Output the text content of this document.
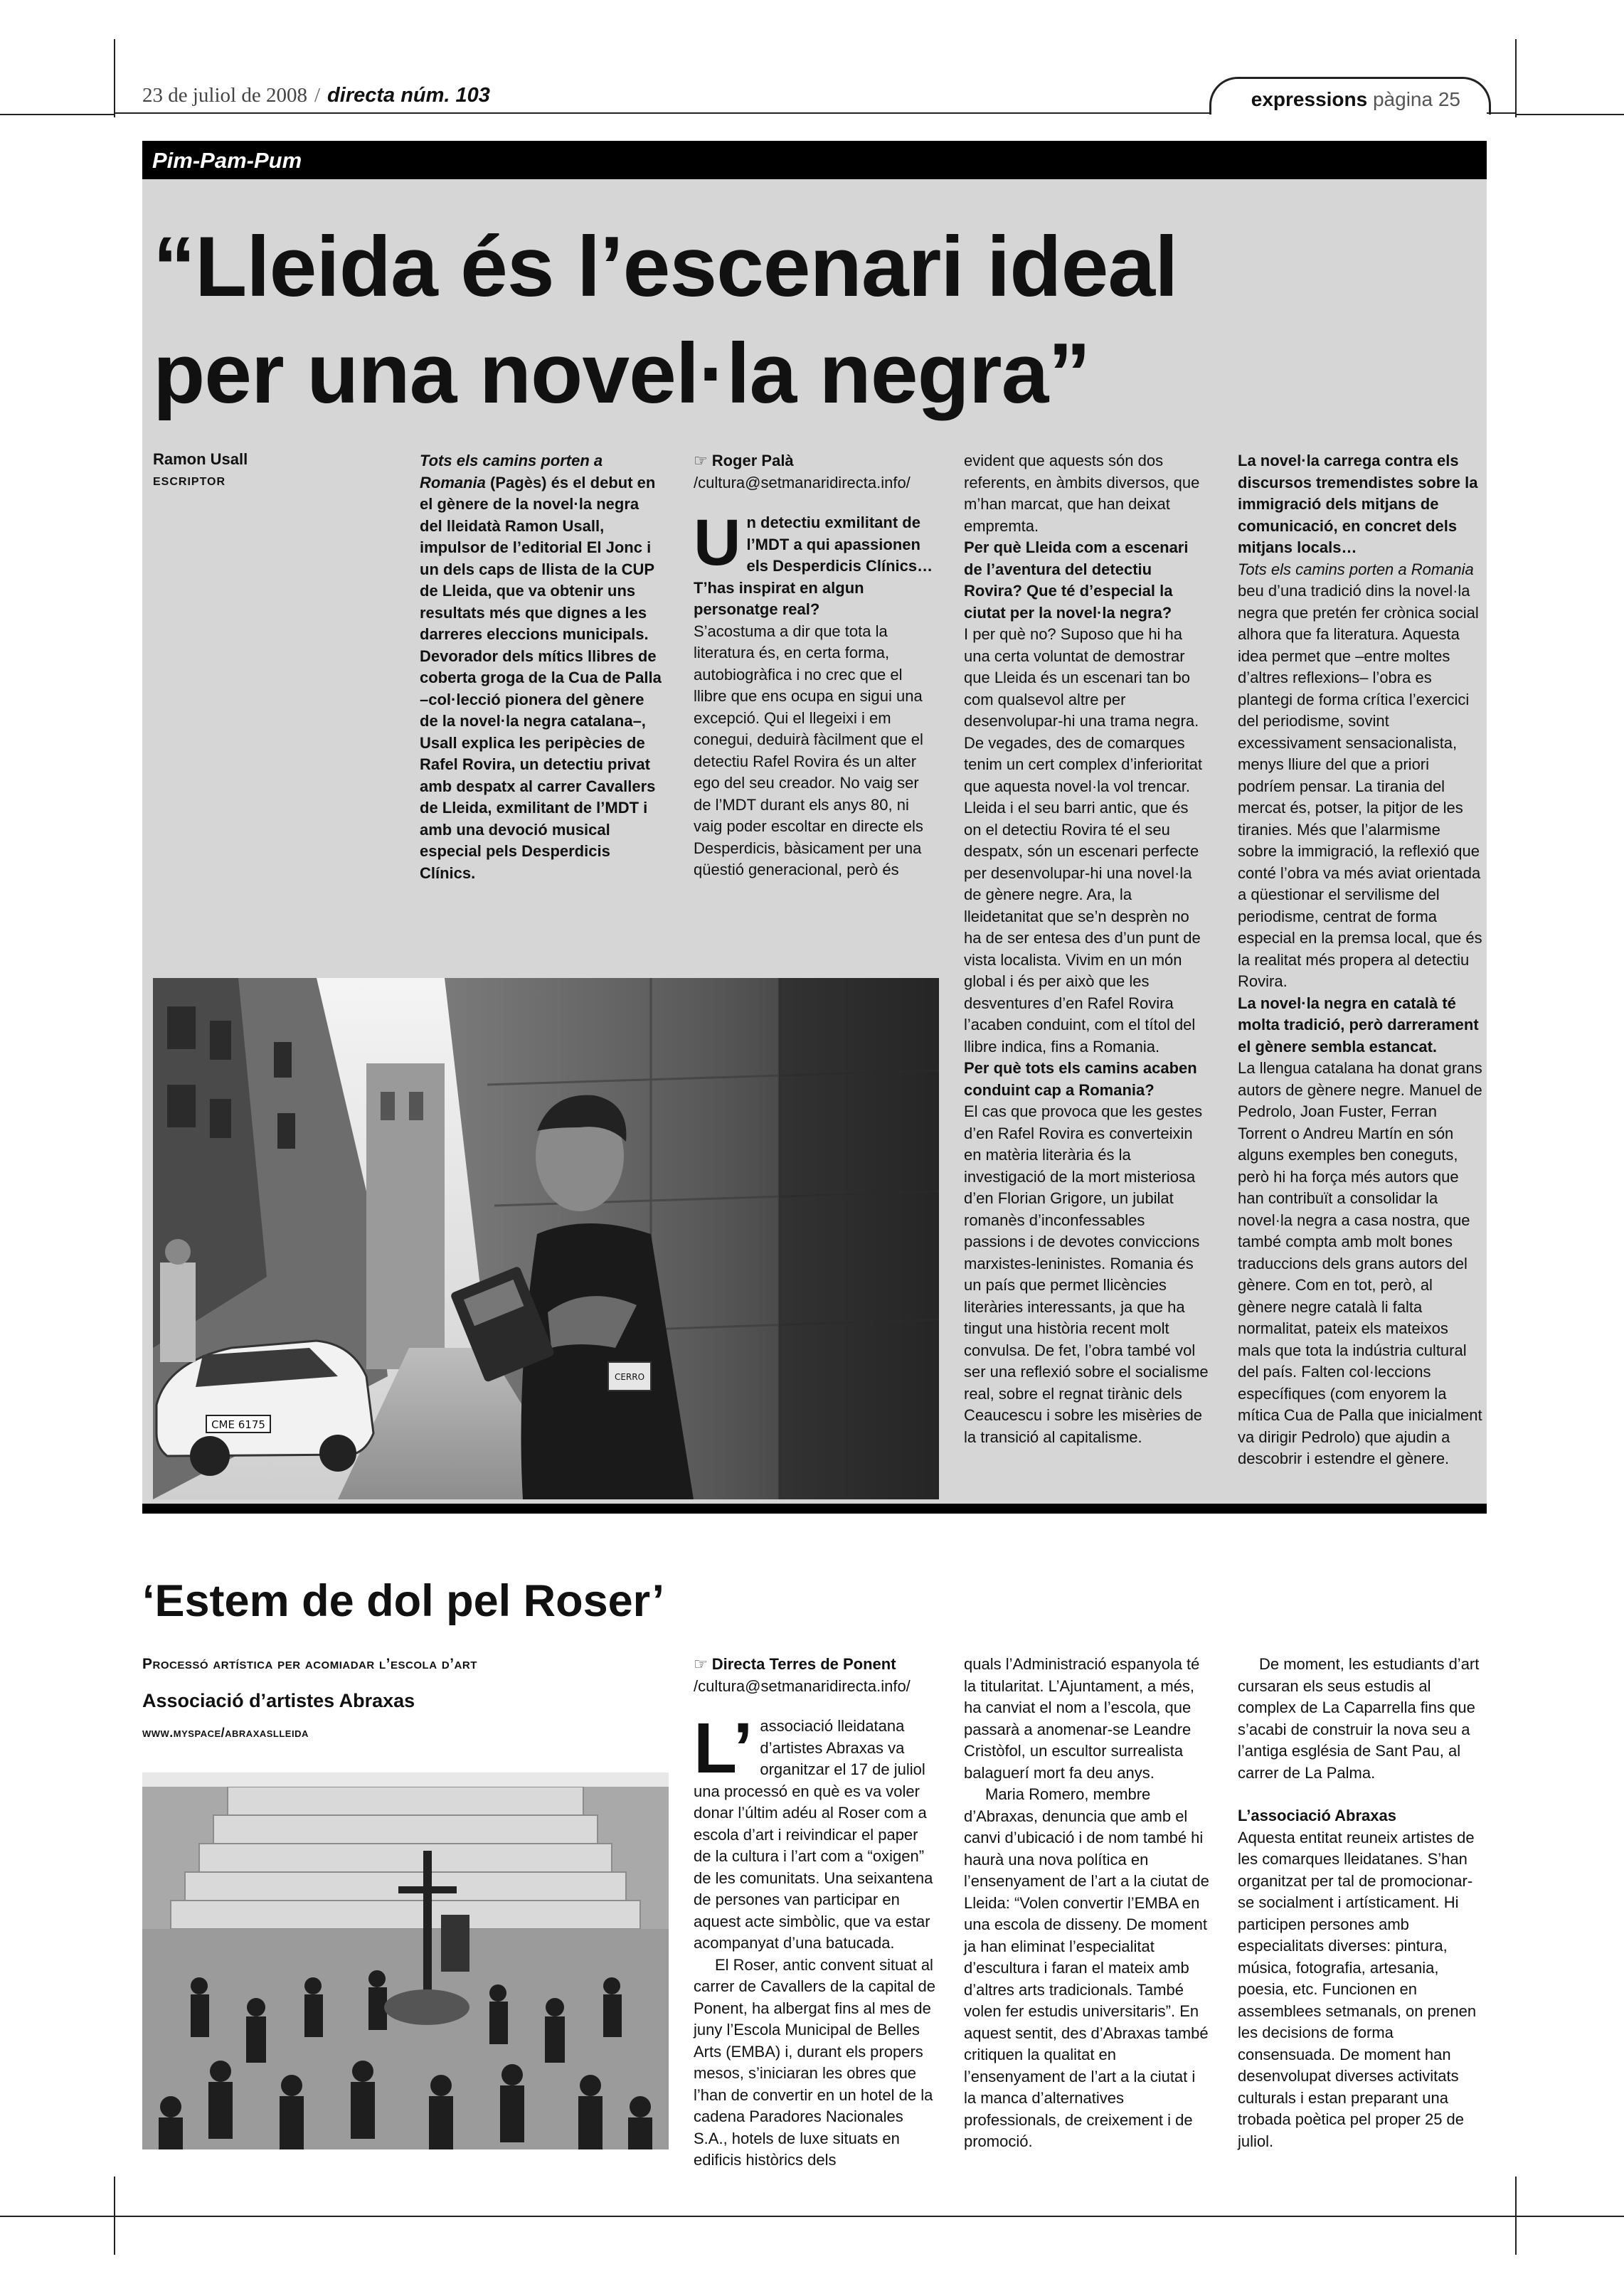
23 de juliol de 2008 / directa núm. 103	expressions pàgina 25
Pim-Pam-Pum
“Lleida és l’escenari ideal
per una novel·la negra”
Ramon Usall
ESCRIPTOR

Tots els camins porten a Romania (Pagès) és el debut en el gènere de la novel·la negra del lleidatà Ramon Usall, impulsor de l’editorial El Jonc i un dels caps de llista de la CUP de Lleida, que va obtenir uns resultats més que dignes a les darreres eleccions municipals. Devorador dels mítics llibres de coberta groga de la Cua de Palla –col·lecció pionera del gènere de la novel·la negra catalana–, Usall explica les peripècies de Rafel Rovira, un detectiu privat amb despatx al carrer Cavallers de Lleida, exmilitant de l’MDT i amb una devoció musical especial pels Desperdicis Clínics.

☞ Roger Palà
/cultura@setmanaridirecta.info/

Un detectiu exmilitant de l’MDT a qui apassionen els Desperdicis Clínics… T’has inspirat en algun personatge real?

S’acostuma a dir que tota la literatura és, en certa forma, autobiogràfica i no crec que el llibre que ens ocupa en sigui una excepció. Qui el llegeixi i em conegui, deduirà fàcilment que el detectiu Rafel Rovira és un alter ego del seu creador. No vaig ser de l’MDT durant els anys 80, ni vaig poder escoltar en directe els Desperdicis, bàsicament per una qüestió generacional, però és

evident que aquests són dos referents, en àmbits diversos, que m’han marcat, que han deixat empremta.

Per què Lleida com a escenari de l’aventura del detectiu Rovira? Que té d’especial la ciutat per la novel·la negra?

I per què no? Suposo que hi ha una certa voluntat de demostrar que Lleida és un escenari tan bo com qualsevol altre per desenvolupar-hi una trama negra. De vegades, des de comarques tenim un cert complex d’inferioritat que aquesta novel·la vol trencar. Lleida i el seu barri antic, que és on el detectiu Rovira té el seu despatx, són un escenari perfecte per desenvolupar-hi una novel·la de gènere negre. Ara, la lleidetanitat que se’n desprèn no ha de ser entesa des d’un punt de vista localista. Vivim en un món global i és per això que les desventures d’en Rafel Rovira l’acaben conduint, com el títol del llibre indica, fins a Romania.

Per què tots els camins acaben conduint cap a Romania?

El cas que provoca que les gestes d’en Rafel Rovira es converteixin en matèria literària és la investigació de la mort misteriosa d’en Florian Grigore, un jubilat romanès d’inconfessables passions i de devotes conviccions marxistes-leninistes. Romania és un país que permet llicències literàries interessants, ja que ha tingut una història recent molt convulsa. De fet, l’obra també vol ser una reflexió sobre el socialisme real, sobre el regnat tirànic dels Ceaucescu i sobre les misèries de la transició al capitalisme.

La novel·la carrega contra els discursos tremendistes sobre la immigració dels mitjans de comunicació, en concret dels mitjans locals…

Tots els camins porten a Romania beu d’una tradició dins la novel·la negra que pretén fer crònica social alhora que fa literatura. Aquesta idea permet que –entre moltes d’altres reflexions– l’obra es plantegi de forma crítica l’exercici del periodisme, sovint excessivament sensacionalista, menys lliure del que a priori podríem pensar. La tirania del mercat és, potser, la pitjor de les tiranies. Més que l’alarmisme sobre la immigració, la reflexió que conté l’obra va més aviat orientada a qüestionar el servilisme del periodisme, centrat de forma especial en la premsa local, que és la realitat més propera al detectiu Rovira.

La novel·la negra en català té molta tradició, però darrerament el gènere sembla estancat.

La llengua catalana ha donat grans autors de gènere negre. Manuel de Pedrolo, Joan Fuster, Ferran Torrent o Andreu Martín en són alguns exemples ben coneguts, però hi ha força més autors que han contribuït a consolidar la novel·la negra a casa nostra, que també compta amb molt bones traduccions dels grans autors del gènere. Com en tot, però, al gènere negre català li falta normalitat, pateix els mateixos mals que tota la indústria cultural del país. Falten col·leccions específiques (com enyorem la mítica Cua de Palla que inicialment va dirigir Pedrolo) que ajudin a descobrir i estendre el gènere.

CME 6175
CERRO
‘Estem de dol pel Roser’
Processó artística per acomiadar l’escola d’art
Associació d’artistes Abraxas
www.myspace/abraxaslleida
☞ Directa Terres de Ponent
/cultura@setmanaridirecta.info/

L’ associació lleidatana d’artistes Abraxas va organitzar el 17 de juliol una processó en què es va voler donar l’últim adéu al Roser com a escola d’art i reivindicar el paper de la cultura i l’art com a “oxigen” de les comunitats. Una seixantena de persones van participar en aquest acte simbòlic, que va estar acompanyat d’una batucada.

El Roser, antic convent situat al carrer de Cavallers de la capital de Ponent, ha albergat fins al mes de juny l’Escola Municipal de Belles Arts (EMBA) i, durant els propers mesos, s’iniciaran les obres que l’han de convertir en un hotel de la cadena Paradores Nacionales S.A., hotels de luxe situats en edificis històrics dels

quals l’Administració espanyola té la titularitat. L’Ajuntament, a més, ha canviat el nom a l’escola, que passarà a anomenar-se Leandre Cristòfol, un escultor surrealista balaguerí mort fa deu anys.

Maria Romero, membre d’Abraxas, denuncia que amb el canvi d’ubicació i de nom també hi haurà una nova política en l’ensenyament de l’art a la ciutat de Lleida: “Volen convertir l’EMBA en una escola de disseny. De moment ja han eliminat l’especialitat d’escultura i faran el mateix amb d’altres arts tradicionals. També volen fer estudis universitaris”. En aquest sentit, des d’Abraxas també critiquen la qualitat en l’ensenyament de l’art a la ciutat i la manca d’alternatives professionals, de creixement i de promoció.

De moment, les estudiants d’art cursaran els seus estudis al complex de La Caparrella fins que s’acabi de construir la nova seu a l’antiga església de Sant Pau, al carrer de La Palma.

L’associació Abraxas

Aquesta entitat reuneix artistes de les comarques lleidatanes. S’han organitzat per tal de promocionar-se socialment i artísticament. Hi participen persones amb especialitats diverses: pintura, música, fotografia, artesania, poesia, etc. Funcionen en assemblees setmanals, on prenen les decisions de forma consensuada. De moment han desenvolupat diverses activitats culturals i estan preparant una trobada poètica pel proper 25 de juliol.
